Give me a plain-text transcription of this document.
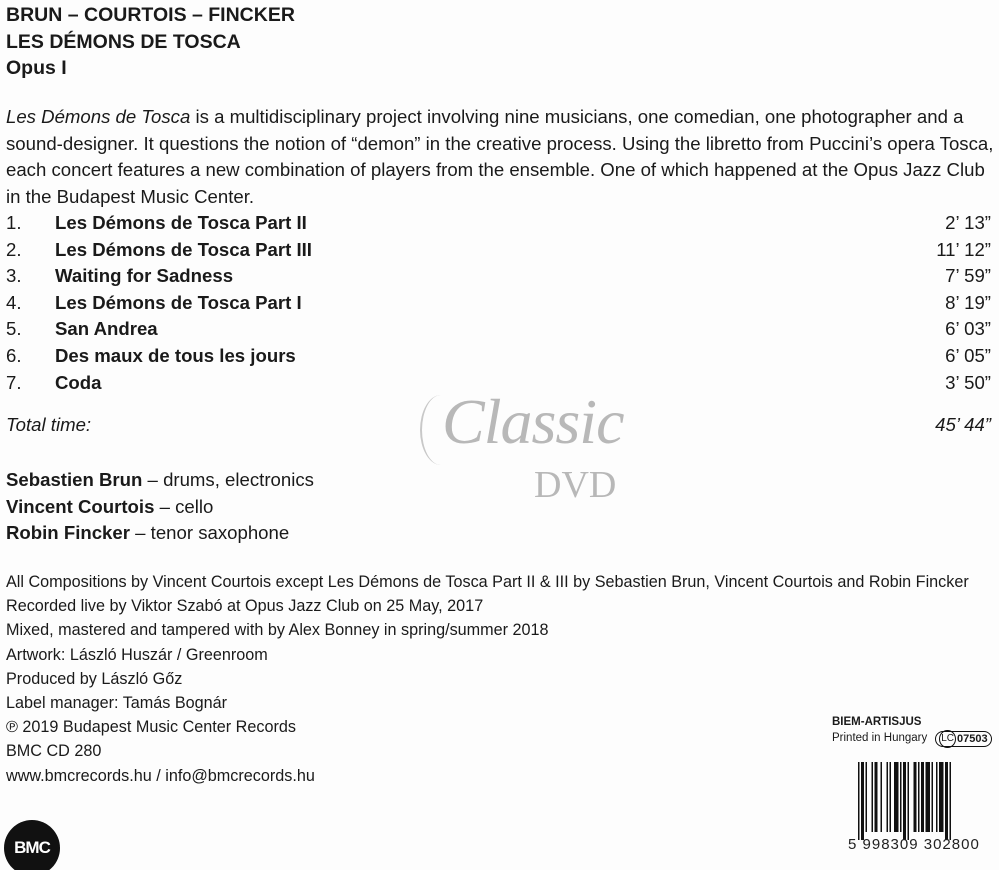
BRUN – COURTOIS – FINCKER
LES DÉMONS DE TOSCA
Opus I
Les Démons de Tosca is a multidisciplinary project involving nine musicians, one comedian, one photographer and a sound-designer. It questions the notion of “demon” in the creative process. Using the libretto from Puccini’s opera Tosca, each concert features a new combination of players from the ensemble. One of which happened at the Opus Jazz Club in the Budapest Music Center.
1.	Les Démons de Tosca Part II	2’ 13”
2.	Les Démons de Tosca Part III	11’ 12”
3.	Waiting for Sadness	7’ 59”
4.	Les Démons de Tosca Part I	8’ 19”
5.	San Andrea	6’ 03”
6.	Des maux de tous les jours	6’ 05”
7.	Coda	3’ 50”
Total time:	45’ 44”
Sebastien Brun – drums, electronics
Vincent Courtois – cello
Robin Fincker – tenor saxophone
All Compositions by Vincent Courtois except Les Démons de Tosca Part II & III by Sebastien Brun, Vincent Courtois and Robin Fincker
Recorded live by Viktor Szabó at Opus Jazz Club on 25 May, 2017
Mixed, mastered and tampered with by Alex Bonney in spring/summer 2018
Artwork: László Huszár / Greenroom
Produced by László Gőz
Label manager: Tamás Bognár
℗ 2019 Budapest Music Center Records
BMC CD 280
www.bmcrecords.hu / info@bmcrecords.hu
Classic
DVD
BMC
BIEM-ARTISJUS
Printed in Hungary LC 07503
5 998309 302800
